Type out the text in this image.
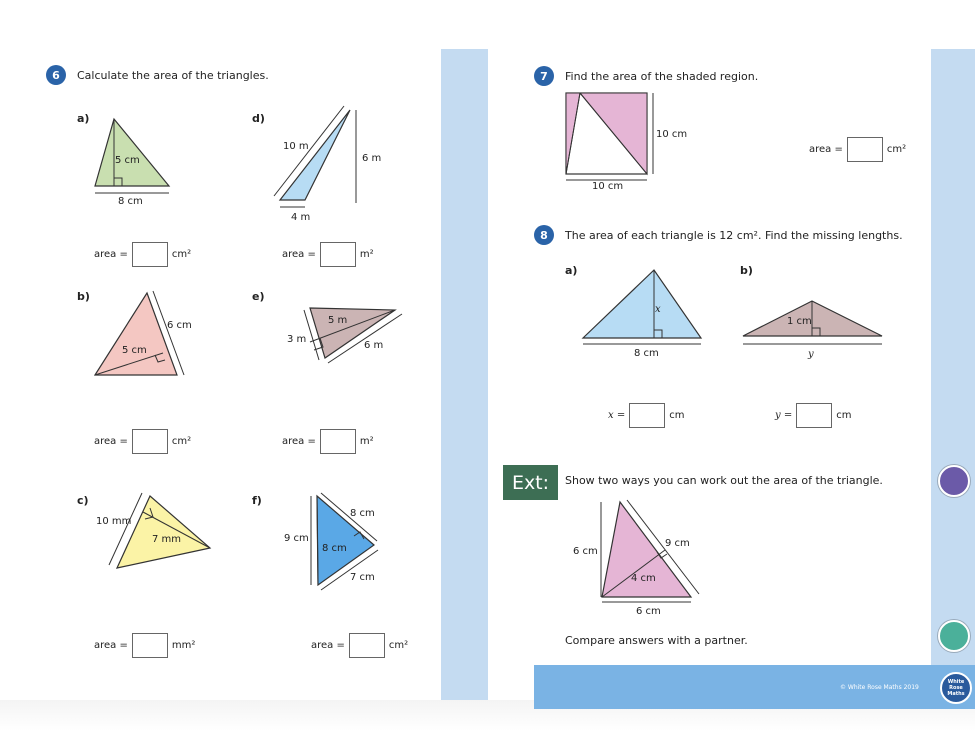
6	Calculate the area of the triangles.
a)	d)
b)	e)
c)	f)
5 cm
8 cm
10 m
6 m
4 m
6 cm
5 cm
5 m
3 m
6 m
10 mm
7 mm
8 cm
9 cm
8 cm
7 cm
area =	cm²	area =	m²
area =	cm²	area =	m²
area =	mm²	area =	cm²
7	Find the area of the shaded region.
10 cm
10 cm
area =	cm²
8	The area of each triangle is 12 cm². Find the missing lengths.
a)	b)
x
8 cm
1 cm
y
x =	cm	y =	cm
Ext:	Show two ways you can work out the area of the triangle.
6 cm
9 cm
4 cm
6 cm
Compare answers with a partner.
© White Rose Maths 2019
White Rose Maths
